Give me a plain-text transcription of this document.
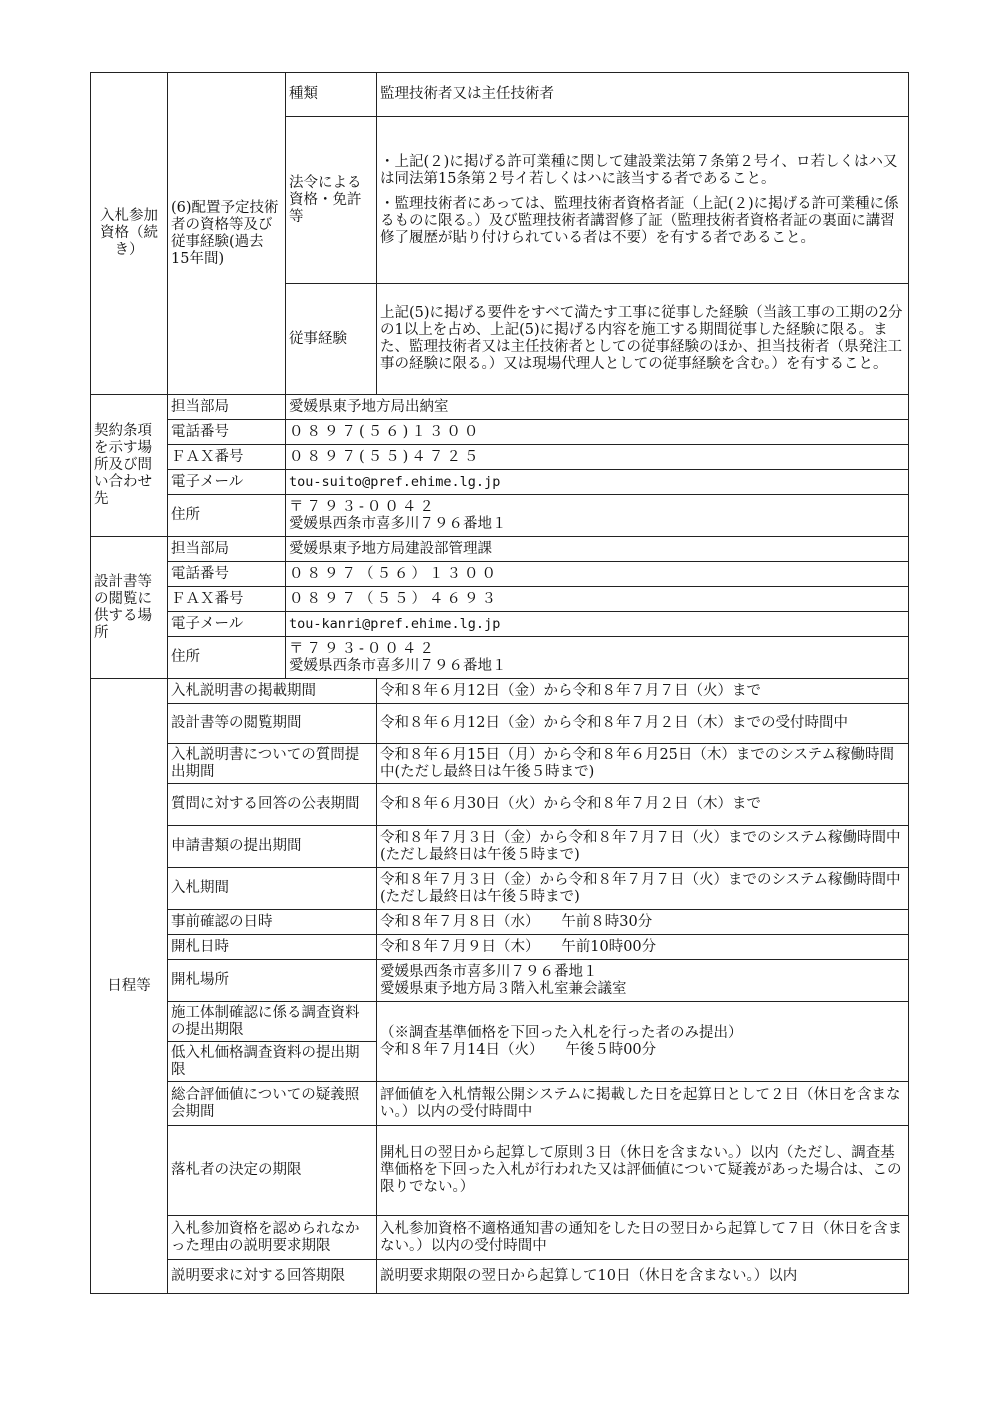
入札参加資格（続き）	(6)配置予定技術者の資格等及び従事経験(過去15年間)	種類	監理技術者又は主任技術者
		法令による資格・免許等	・上記(２)に掲げる許可業種に関して建設業法第７条第２号イ、ロ若しくはハ又は同法第15条第２号イ若しくはハに該当する者であること。

・監理技術者にあっては、監理技術者資格者証（上記(２)に掲げる許可業種に係るものに限る。）及び監理技術者講習修了証（監理技術者資格者証の裏面に講習修了履歴が貼り付けられている者は不要）を有する者であること。

		従事経験	上記(5)に掲げる要件をすべて満たす工事に従事した経験（当該工事の工期の2分の1以上を占め、上記(5)に掲げる内容を施工する期間従事した経験に限る。また、監理技術者又は主任技術者としての従事経験のほか、担当技術者（県発注工事の経験に限る。）又は現場代理人としての従事経験を含む。）を有すること。
契約条項を示す場所及び問い合わせ先	担当部局	愛媛県東予地方局出納室	
	電話番号	０８９７(５６)１３００	
	ＦＡＸ番号	０８９７(５５)４７２５	
	電子メール	tou-suito@pref.ehime.lg.jp	
	住所	〒７９３-００４２
愛媛県西条市喜多川７９６番地１	

設計書等の閲覧に供する場所	担当部局	愛媛県東予地方局建設部管理課	
	電話番号	０８９７（５６）１３００	
	ＦＡＸ番号	０８９７（５５）４６９３	
	電子メール	tou-kanri@pref.ehime.lg.jp	
	住所	〒７９３-００４２
愛媛県西条市喜多川７９６番地１	

日程等	入札説明書の掲載期間		令和８年６月12日（金）から令和８年７月７日（火）まで
	設計書等の閲覧期間		令和８年６月12日（金）から令和８年７月２日（木）までの受付時間中
	入札説明書についての質問提出期間		令和８年６月15日（月）から令和８年６月25日（木）までのシステム稼働時間中(ただし最終日は午後５時まで)
	質問に対する回答の公表期間		令和８年６月30日（火）から令和８年７月２日（木）まで
	申請書類の提出期間		令和８年７月３日（金）から令和８年７月７日（火）までのシステム稼働時間中(ただし最終日は午後５時まで)
	入札期間		令和８年７月３日（金）から令和８年７月７日（火）までのシステム稼働時間中(ただし最終日は午後５時まで)
	事前確認の日時		令和８年７月８日（水）　　午前８時30分
	開札日時		令和８年７月９日（木）　　午前10時00分
	開札場所		愛媛県西条市喜多川７９６番地１
愛媛県東予地方局３階入札室兼会議室

	施工体制確認に係る調査資料の提出期限		（※調査基準価格を下回った入札を行った者のみ提出）
令和８年７月14日（火）　　午後５時00分

	低入札価格調査資料の提出期限		
	総合評価値についての疑義照会期間		評価値を入札情報公開システムに掲載した日を起算日として２日（休日を含まない。）以内の受付時間中
	落札者の決定の期限		開札日の翌日から起算して原則３日（休日を含まない。）以内（ただし、調査基準価格を下回った入札が行われた又は評価値について疑義があった場合は、この限りでない。）
	入札参加資格を認められなかった理由の説明要求期限		入札参加資格不適格通知書の通知をした日の翌日から起算して７日（休日を含まない。）以内の受付時間中
	説明要求に対する回答期限		説明要求期限の翌日から起算して10日（休日を含まない。）以内
